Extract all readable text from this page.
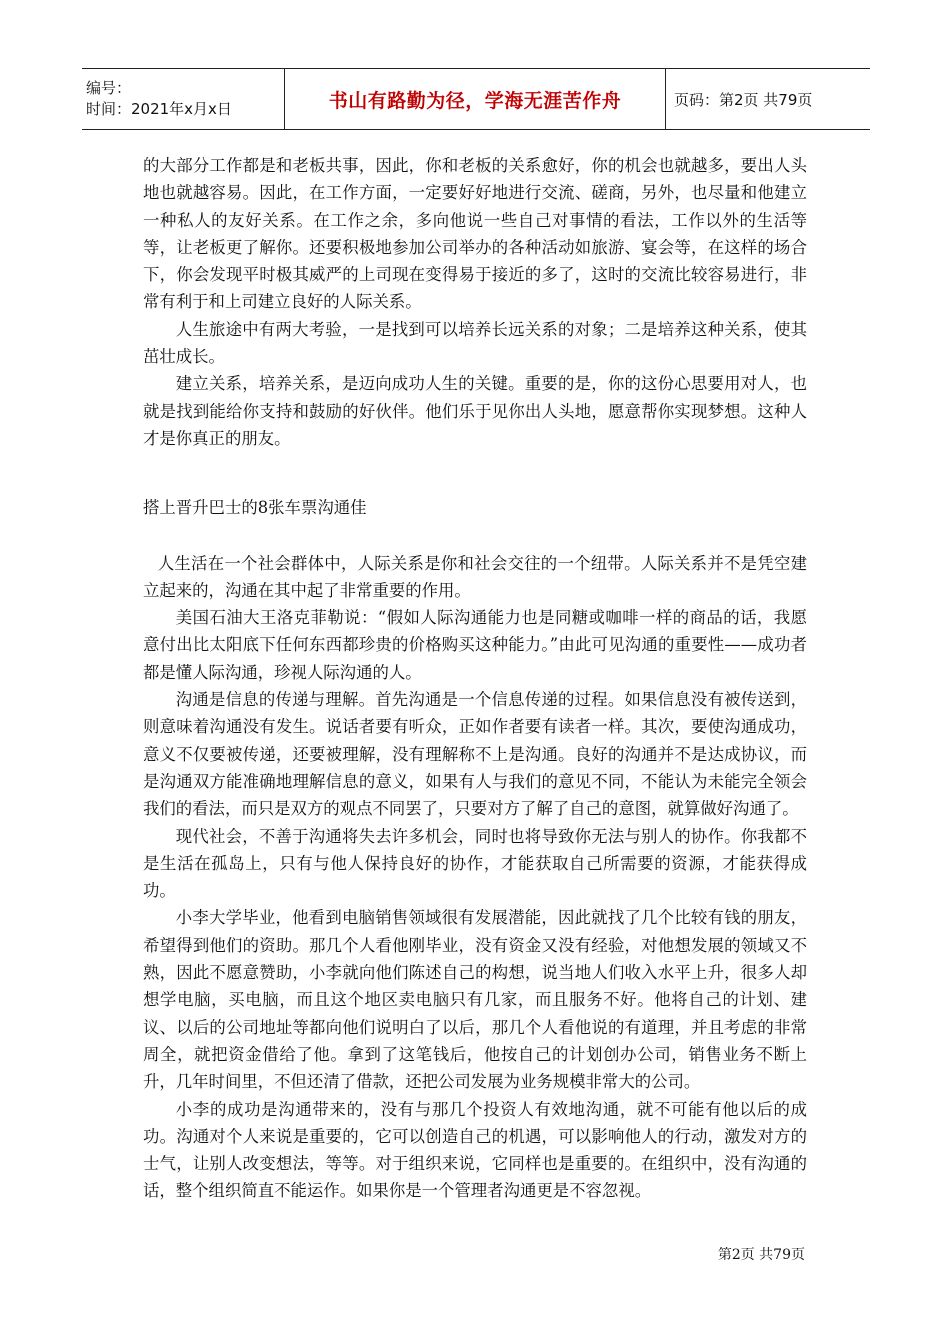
编号：
时间：2021年x月x日	书山有路勤为径，学海无涯苦作舟	页码：第2页 共79页

的大部分工作都是和老板共事，因此，你和老板的关系愈好，你的机会也就越多，要出人头地也就越容易。因此，在工作方面，一定要好好地进行交流、磋商，另外，也尽量和他建立一种私人的友好关系。在工作之余，多向他说一些自己对事情的看法，工作以外的生活等等，让老板更了解你。还要积极地参加公司举办的各种活动如旅游、宴会等，在这样的场合下，你会发现平时极其威严的上司现在变得易于接近的多了，这时的交流比较容易进行，非常有利于和上司建立良好的人际关系。

人生旅途中有两大考验，一是找到可以培养长远关系的对象；二是培养这种关系，使其茁壮成长。

建立关系，培养关系，是迈向成功人生的关键。重要的是，你的这份心思要用对人，也就是找到能给你支持和鼓励的好伙伴。他们乐于见你出人头地，愿意帮你实现梦想。这种人才是你真正的朋友。

搭上晋升巴士的8张车票沟通佳

人生活在一个社会群体中，人际关系是你和社会交往的一个纽带。人际关系并不是凭空建立起来的，沟通在其中起了非常重要的作用。

美国石油大王洛克菲勒说：“假如人际沟通能力也是同糖或咖啡一样的商品的话，我愿意付出比太阳底下任何东西都珍贵的价格购买这种能力。”由此可见沟通的重要性——成功者都是懂人际沟通，珍视人际沟通的人。

沟通是信息的传递与理解。首先沟通是一个信息传递的过程。如果信息没有被传送到，则意味着沟通没有发生。说话者要有听众，正如作者要有读者一样。其次，要使沟通成功，意义不仅要被传递，还要被理解，没有理解称不上是沟通。良好的沟通并不是达成协议，而是沟通双方能准确地理解信息的意义，如果有人与我们的意见不同，不能认为未能完全领会我们的看法，而只是双方的观点不同罢了，只要对方了解了自己的意图，就算做好沟通了。

现代社会，不善于沟通将失去许多机会，同时也将导致你无法与别人的协作。你我都不是生活在孤岛上，只有与他人保持良好的协作，才能获取自己所需要的资源，才能获得成功。

小李大学毕业，他看到电脑销售领域很有发展潜能，因此就找了几个比较有钱的朋友，希望得到他们的资助。那几个人看他刚毕业，没有资金又没有经验，对他想发展的领域又不熟，因此不愿意赞助，小李就向他们陈述自己的构想，说当地人们收入水平上升，很多人却想学电脑，买电脑，而且这个地区卖电脑只有几家，而且服务不好。他将自己的计划、建议、以后的公司地址等都向他们说明白了以后，那几个人看他说的有道理，并且考虑的非常周全，就把资金借给了他。拿到了这笔钱后，他按自己的计划创办公司，销售业务不断上升，几年时间里，不但还清了借款，还把公司发展为业务规模非常大的公司。

小李的成功是沟通带来的，没有与那几个投资人有效地沟通，就不可能有他以后的成功。沟通对个人来说是重要的，它可以创造自己的机遇，可以影响他人的行动，激发对方的士气，让别人改变想法，等等。对于组织来说，它同样也是重要的。在组织中，没有沟通的话，整个组织简直不能运作。如果你是一个管理者沟通更是不容忽视。

第2页 共79页
